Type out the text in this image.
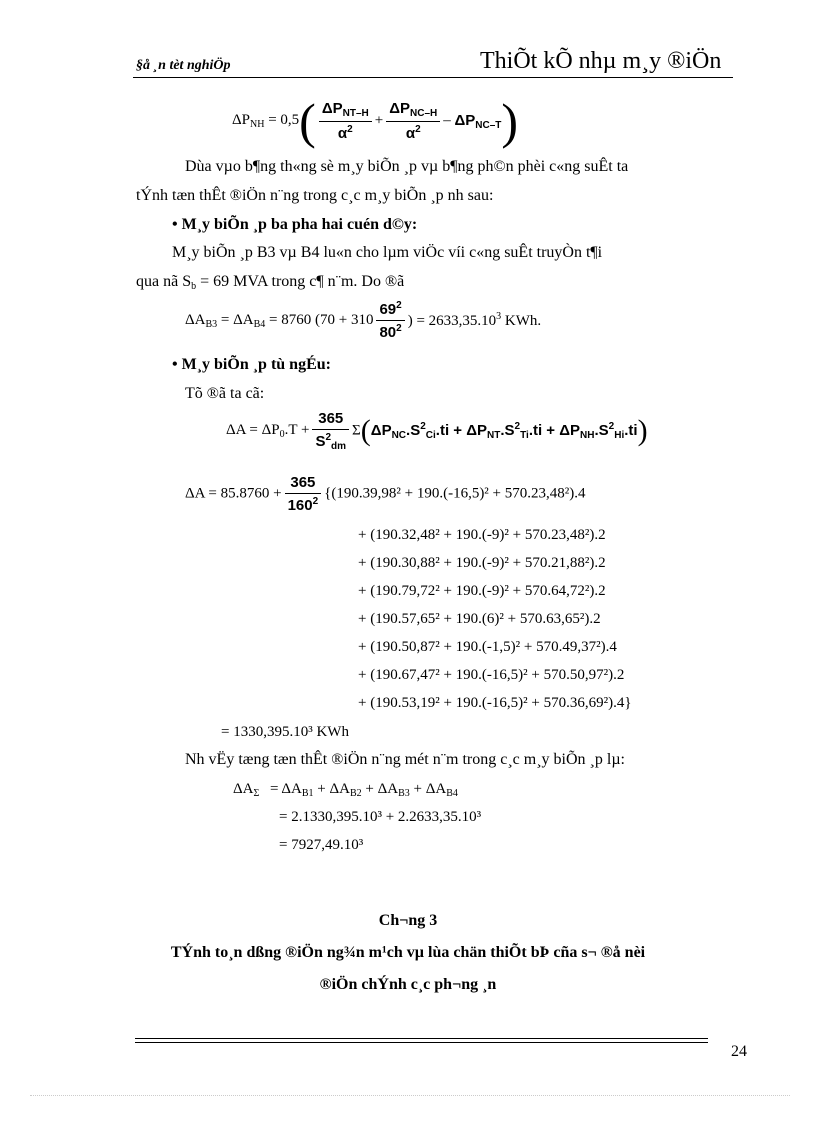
§å ¸n tèt nghiÖp	ThiÕt kÕ nhµ m¸y ®iÖn
$\Delta P_{NH} = 0,5( \frac{\Delta P_{NT-H}}{\alpha^2} + \frac{\Delta P_{NC-H}}{\alpha^2} - \Delta P_{NC-T})$
Dùa vµo b¶ng th«ng sè m¸y biÕn ¸p vµ b¶ng ph©n phèi c«ng suÊt ta
tÝnh tæn thÊt ®iÖn n¨ng trong c¸c m¸y biÕn ¸p nh sau:
• M¸y biÕn ¸p ba pha hai cuén d©y:
M¸y biÕn ¸p B3 vµ B4 lu«n cho lµm viÖc víi c«ng suÊt truyÒn t¶i
qua nã $S_b = 69$ MVA trong c¶ n¨m. Do ®ã
$\Delta A_{B3} = \Delta A_{B4} = 8760$ ($70 + 310 \frac{69^2}{80^2}$ ) = $2633,35.10^3$ KWh.
• M¸y biÕn ¸p tù ngÉu:
Tõ ®ã ta cã:
$\Delta A = \Delta P_0.T + \frac{365}{S^2_{dm}} \Sigma(\Delta P_{NC}.S^2_{Ci}.ti + \Delta P_{NT}.S^2_{Ti}.ti + \Delta P_{NH}.S^2_{Hi}.ti)$
$\Delta A = 85.8760 + \frac{365}{160^2} \{(190.39,98^2 + 190.(-16,5)^2 + 570.23,48^2).4$
+ (190.32,48² + 190.(-9)² + 570.23,48²).2
+ (190.30,88² + 190.(-9)² + 570.21,88²).2
+ (190.79,72² + 190.(-9)² + 570.64,72²).2
+ (190.57,65² + 190.(6)² + 570.63,65²).2
+ (190.50,87² + 190.(-1,5)² + 570.49,37²).4
+ (190.67,47² + 190.(-16,5)² + 570.50,97²).2
+ (190.53,19² + 190.(-16,5)² + 570.36,69²).4}
= 1330,395.10³ KWh
Nh vËy tæng tæn thÊt ®iÖn n¨ng mét n¨m trong c¸c m¸y biÕn ¸p lµ:
$\Delta A_\Sigma = \Delta A_{B1} + \Delta A_{B2} + \Delta A_{B3} + \Delta A_{B4}$
= 2.1330,395.10³ + 2.2633,35.10³
= 7927,49.10³
Ch¬ng 3
TÝnh to¸n dßng ®iÖn ng¾n m¹ch vµ lùa chän thiÕt bÞ cña s¬ ®å nèi
®iÖn chÝnh c¸c ph¬ng ¸n
24
